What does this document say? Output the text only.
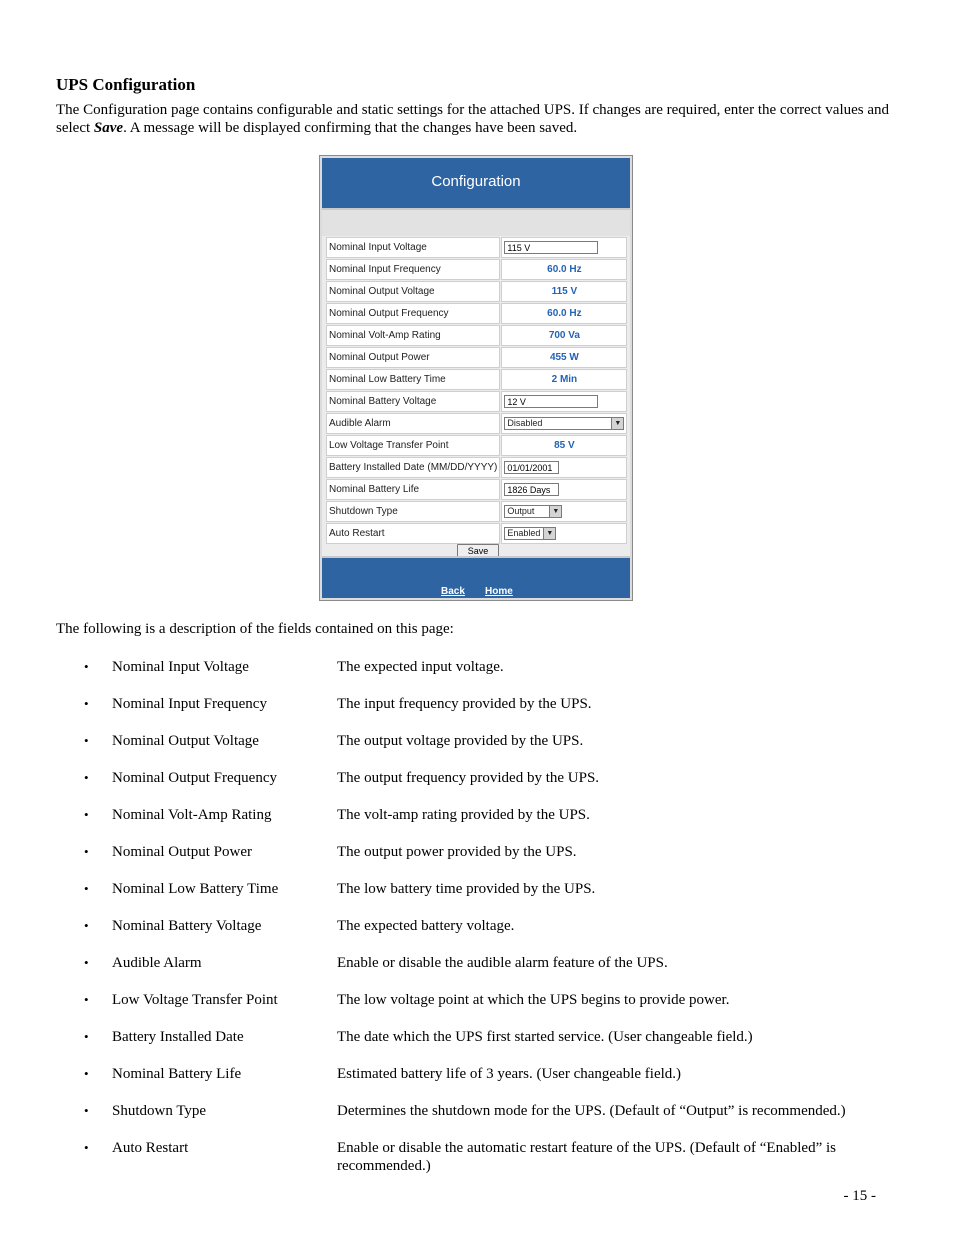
UPS Configuration
The Configuration page contains configurable and static settings for the attached UPS. If changes are required, enter the correct values and select Save. A message will be displayed confirming that the changes have been saved.
Configuration
Nominal Input Voltage	115 V
Nominal Input Frequency	60.0 Hz
Nominal Output Voltage	115 V
Nominal Output Frequency	60.0 Hz
Nominal Volt-Amp Rating	700 Va
Nominal Output Power	455 W
Nominal Low Battery Time	2 Min
Nominal Battery Voltage	12 V
Audible Alarm	Disabled ▼

Low Voltage Transfer Point	85 V
Battery Installed Date (MM/DD/YYYY)	01/01/2001
Nominal Battery Life	1826 Days
Shutdown Type	Output ▼

Auto Restart	Enabled ▼
Save
Back Home
The following is a description of the fields contained on this page:
• Nominal Input Voltage	The expected input voltage.
• Nominal Input Frequency	The input frequency provided by the UPS.
• Nominal Output Voltage	The output voltage provided by the UPS.
• Nominal Output Frequency	The output frequency provided by the UPS.
• Nominal Volt-Amp Rating	The volt-amp rating provided by the UPS.
• Nominal Output Power	The output power provided by the UPS.
• Nominal Low Battery Time	The low battery time provided by the UPS.
• Nominal Battery Voltage	The expected battery voltage.
• Audible Alarm	Enable or disable the audible alarm feature of the UPS.
• Low Voltage Transfer Point	The low voltage point at which the UPS begins to provide power.
• Battery Installed Date	The date which the UPS first started service. (User changeable field.)
• Nominal Battery Life	Estimated battery life of 3 years. (User changeable field.)
• Shutdown Type	Determines the shutdown mode for the UPS. (Default of “Output” is recommended.)
• Auto Restart	Enable or disable the automatic restart feature of the UPS. (Default of “Enabled” is recommended.)
- 15 -
